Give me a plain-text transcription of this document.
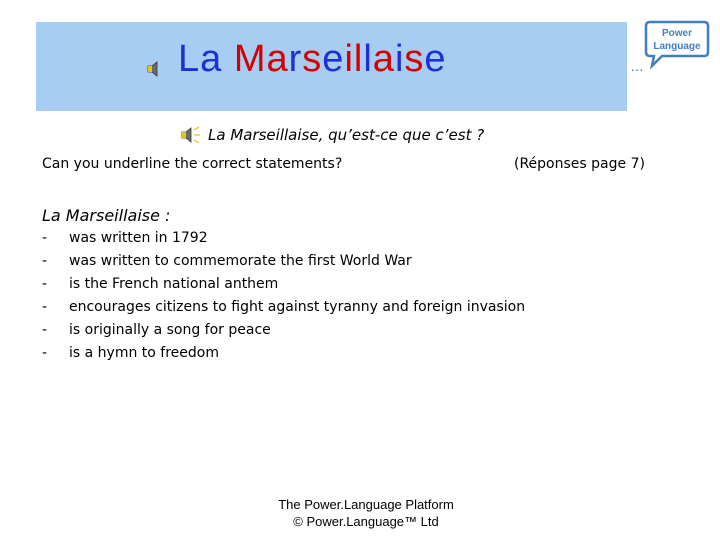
La Marseillaise
Power
Language
…
La Marseillaise, qu’est-ce que c’est ?
Can you underline the correct statements?	(Réponses page 7)
La Marseillaise :
- was written in 1792
- was written to commemorate the first World War
- is the French national anthem
- encourages citizens to fight against tyranny and foreign invasion
- is originally a song for peace
- is a hymn to freedom
The Power.Language Platform
© Power.Language™ Ltd
